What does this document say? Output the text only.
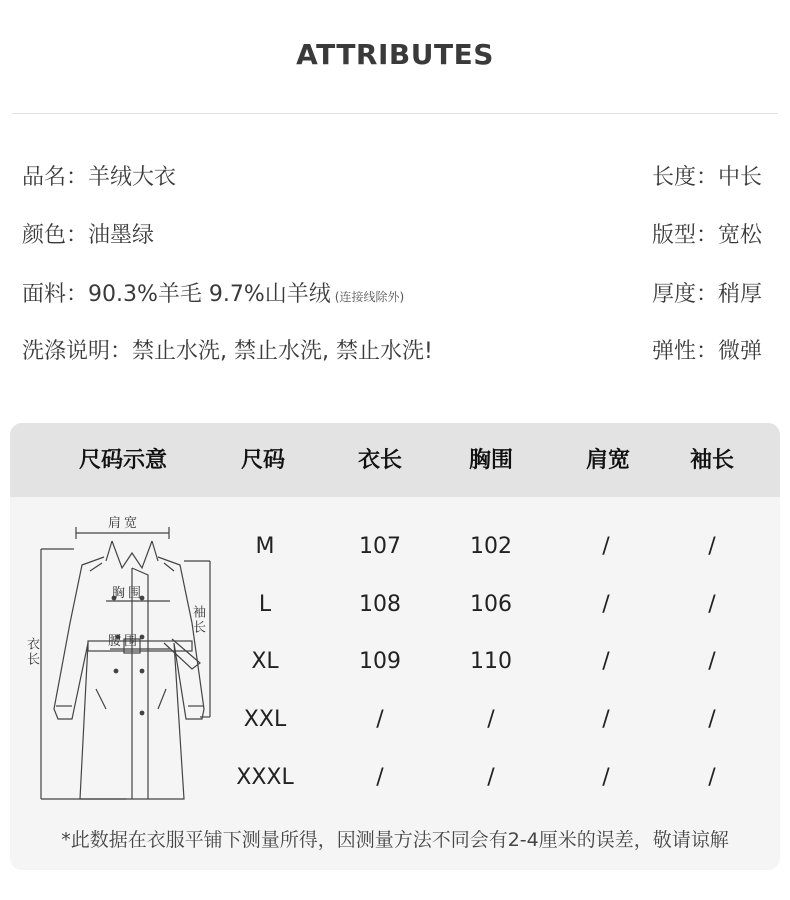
ATTRIBUTES
品名：羊绒大衣
颜色：油墨绿
面料：90.3%羊毛 9.7%山羊绒 (连接线除外)
洗涤说明：禁止水洗, 禁止水洗, 禁止水洗!
长度：中长
版型：宽松
厚度：稍厚
弹性：微弹
尺码示意	尺码	衣长	胸围	肩宽	袖长
肩宽
胸围
腰围
袖长
衣长
M	107	102	/	/
L	108	106	/	/
XL	109	110	/	/
XXL	/	/	/	/
XXXL	/	/	/	/
*此数据在衣服平铺下测量所得，因测量方法不同会有2-4厘米的误差，敬请谅解
